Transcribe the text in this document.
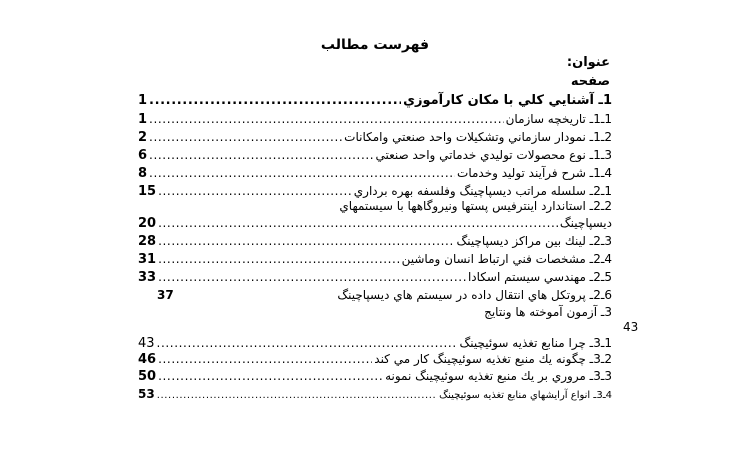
فهرست مطالب
عنوان:
صفحه
1ـ آشنايي كلي با مكان كارآموزي
.....
1
1ـ1ـ تاريخچه سازمان
.....
1
2ـ1ـ نمودار سازماني وتشكيلات واحد صنعتي وامكانات
.....
2
3ـ1ـ نوع محصولات توليدي خدماتي واحد صنعتي
.....
6
4ـ1ـ شرح فرآيند توليد وخدمات
.....
8
1ـ2ـ سلسله مراتب ديسپاچينگ وفلسفه بهره برداري
.....
15
2ـ2ـ استاندارد اينترفيس پستها ونيروگاهها با سيستمهاي
ديسپاچينگ
.....
20
3ـ2ـ لينك بين مراكز ديسپاچينگ
.....
28
4ـ2ـ مشخصات فني ارتباط انسان وماشين
.....
31
5ـ2ـ مهندسي سيستم اسكادا
.....
33
6ـ2ـ پروتكل هاي انتقال داده در سيستم هاي ديسپاچينگ
37
3ـ آزمون آموخته ها ونتايج
43
1ـ3ـ چرا منابع تغذيه سوئيچينگ
.....
43
2ـ3ـ چگونه يك منبع تغذيه سوئيچينگ كار مي كند
.....
46
3ـ3ـ مروري بر يك منبع تغذيه سوئيچينگ نمونه
.....
50
4ـ3ـ انواع آرايشهاي منابع تغذيه سوئيچينگ
.....
53
